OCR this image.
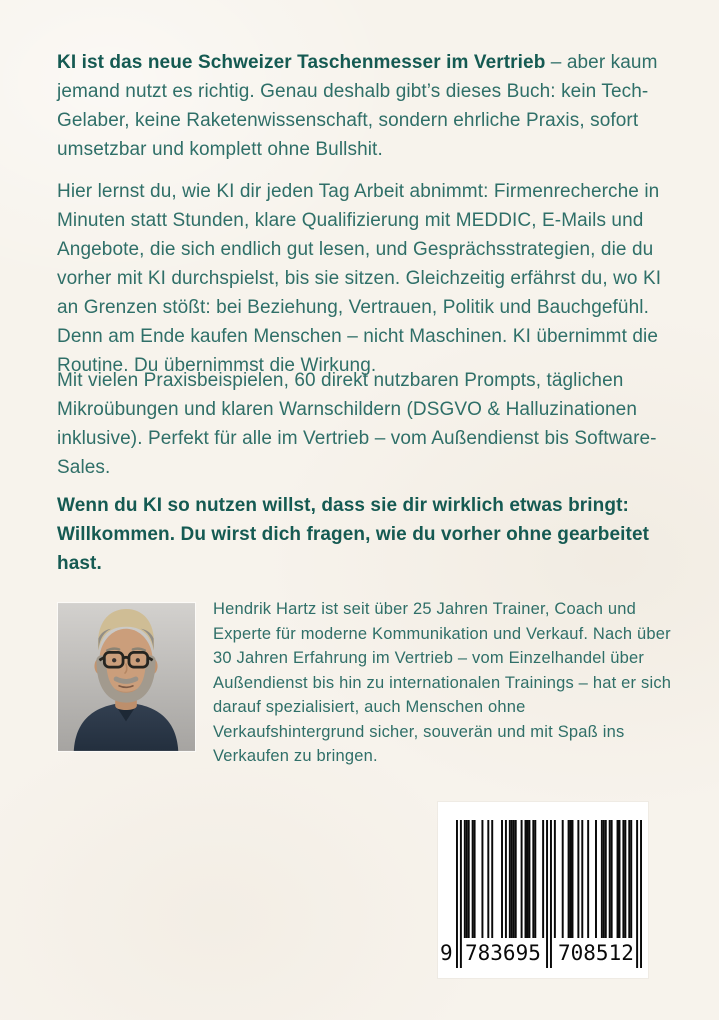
KI ist das neue Schweizer Taschenmesser im Vertrieb – aber kaum jemand nutzt es richtig. Genau deshalb gibt’s dieses Buch: kein Tech-Gelaber, keine Raketenwissenschaft, sondern ehrliche Praxis, sofort umsetzbar und komplett ohne Bullshit.

Hier lernst du, wie KI dir jeden Tag Arbeit abnimmt: Firmenrecherche in Minuten statt Stunden, klare Qualifizierung mit MEDDIC, E-Mails und Angebote, die sich endlich gut lesen, und Gesprächsstrategien, die du vorher mit KI durchspielst, bis sie sitzen. Gleichzeitig erfährst du, wo KI an Grenzen stößt: bei Beziehung, Vertrauen, Politik und Bauchgefühl. Denn am Ende kaufen Menschen – nicht Maschinen. KI übernimmt die Routine. Du übernimmst die Wirkung.

Mit vielen Praxisbeispielen, 60 direkt nutzbaren Prompts, täglichen Mikroübungen und klaren Warnschildern (DSGVO & Halluzinationen inklusive). Perfekt für alle im Vertrieb – vom Außendienst bis Software-Sales.

Wenn du KI so nutzen willst, dass sie dir wirklich etwas bringt: Willkommen. Du wirst dich fragen, wie du vorher ohne gearbeitet hast.

Hendrik Hartz ist seit über 25 Jahren Trainer, Coach und Experte für moderne Kommunikation und Verkauf. Nach über 30 Jahren Erfahrung im Vertrieb – vom Einzelhandel über Außendienst bis hin zu internationalen Trainings – hat er sich darauf spezialisiert, auch Menschen ohne Verkaufshintergrund sicher, souverän und mit Spaß ins Verkaufen zu bringen.

9 783695 708512
